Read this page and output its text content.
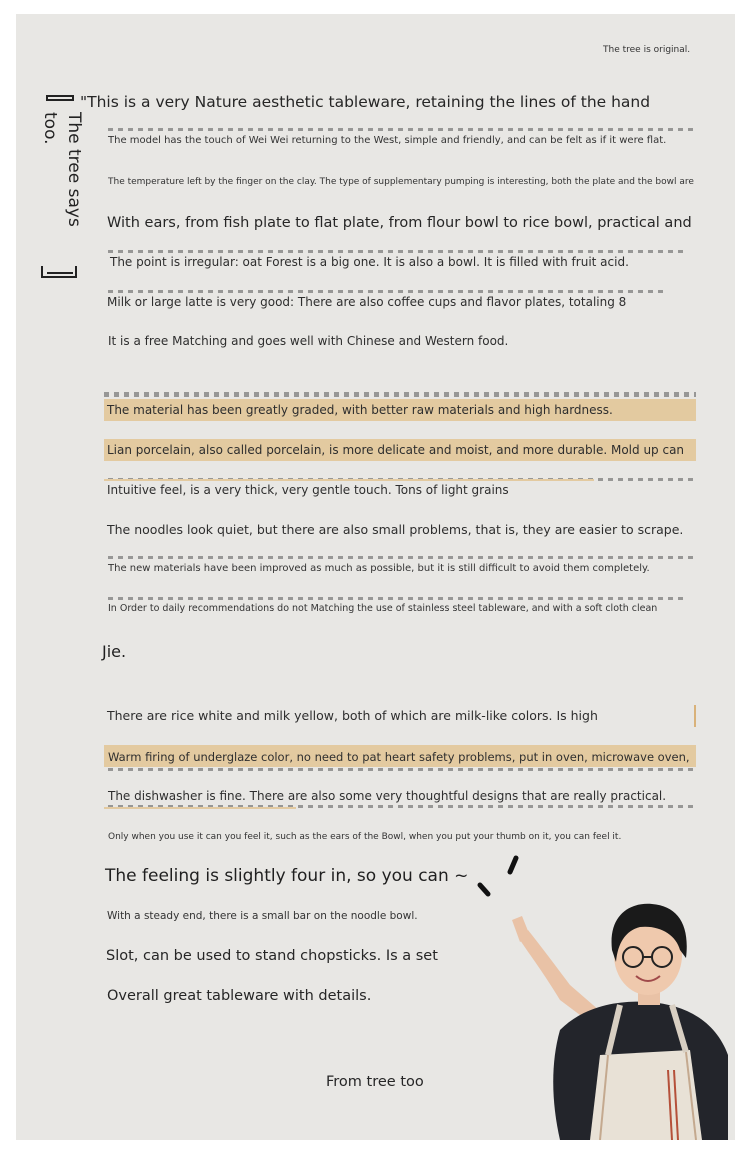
The tree is original.
The tree says too.
"This is a very Nature aesthetic tableware, retaining the lines of the hand
The model has the touch of Wei Wei returning to the West, simple and friendly, and can be felt as if it were flat.
The temperature left by the finger on the clay. The type of supplementary pumping is interesting, both the plate and the bowl are
With ears, from fish plate to flat plate, from flour bowl to rice bowl, practical and
The point is irregular: oat Forest is a big one. It is also a bowl. It is filled with fruit acid.
Milk or large latte is very good: There are also coffee cups and flavor plates, totaling 8
It is a free Matching and goes well with Chinese and Western food.
The material has been greatly graded, with better raw materials and high hardness.
Lian porcelain, also called porcelain, is more delicate and moist, and more durable. Mold up can
Intuitive feel, is a very thick, very gentle touch. Tons of light grains
The noodles look quiet, but there are also small problems, that is, they are easier to scrape.
The new materials have been improved as much as possible, but it is still difficult to avoid them completely.
In Order to daily recommendations do not Matching the use of stainless steel tableware, and with a soft cloth clean
Jie.
There are rice white and milk yellow, both of which are milk-like colors. Is high
Warm firing of underglaze color, no need to pat heart safety problems, put in oven, microwave oven,
The dishwasher is fine. There are also some very thoughtful designs that are really practical.
Only when you use it can you feel it, such as the ears of the Bowl, when you put your thumb on it, you can feel it.
The feeling is slightly four in, so you can ~
With a steady end, there is a small bar on the noodle bowl.
Slot, can be used to stand chopsticks. Is a set
Overall great tableware with details.
From tree too
